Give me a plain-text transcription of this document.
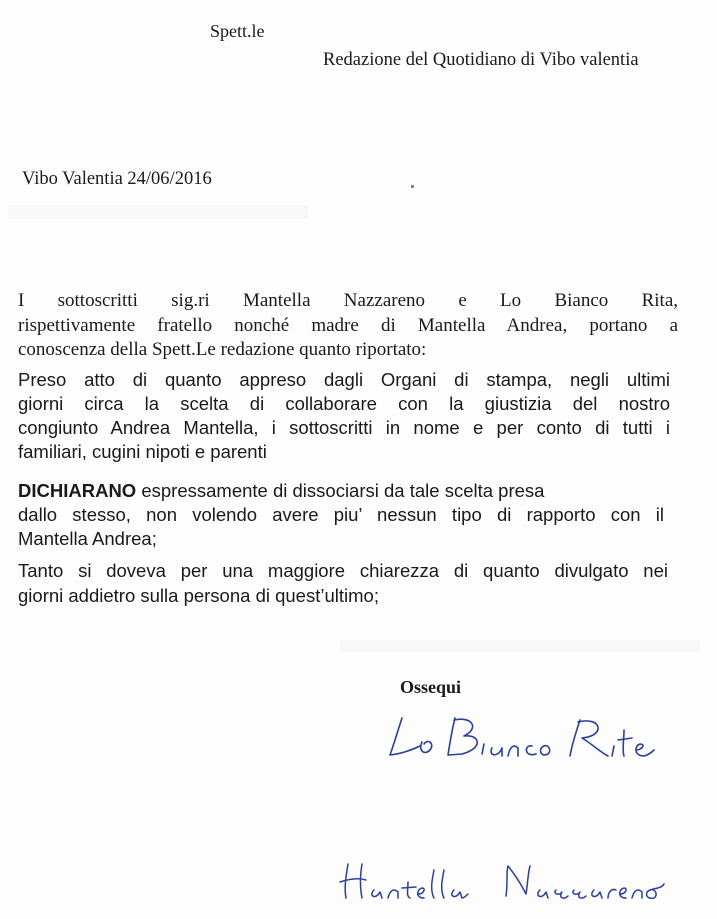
Spett.le
Redazione del Quotidiano di Vibo valentia
Vibo Valentia 24/06/2016
I sottoscritti sig.ri Mantella Nazzareno e Lo Bianco Rita,
rispettivamente fratello nonché madre di Mantella Andrea, portano a
conoscenza della Spett.Le redazione quanto riportato:
Preso atto di quanto appreso dagli Organi di stampa, negli ultimi
giorni circa la scelta di collaborare con la giustizia del nostro
congiunto Andrea Mantella, i sottoscritti in nome e per conto di tutti i
familiari, cugini nipoti e parenti
DICHIARANO espressamente di dissociarsi da tale scelta presa
dallo stesso, non volendo avere piu’ nessun tipo di rapporto con il
Mantella Andrea;
Tanto si doveva per una maggiore chiarezza di quanto divulgato nei
giorni addietro sulla persona di quest’ultimo;
Ossequi
